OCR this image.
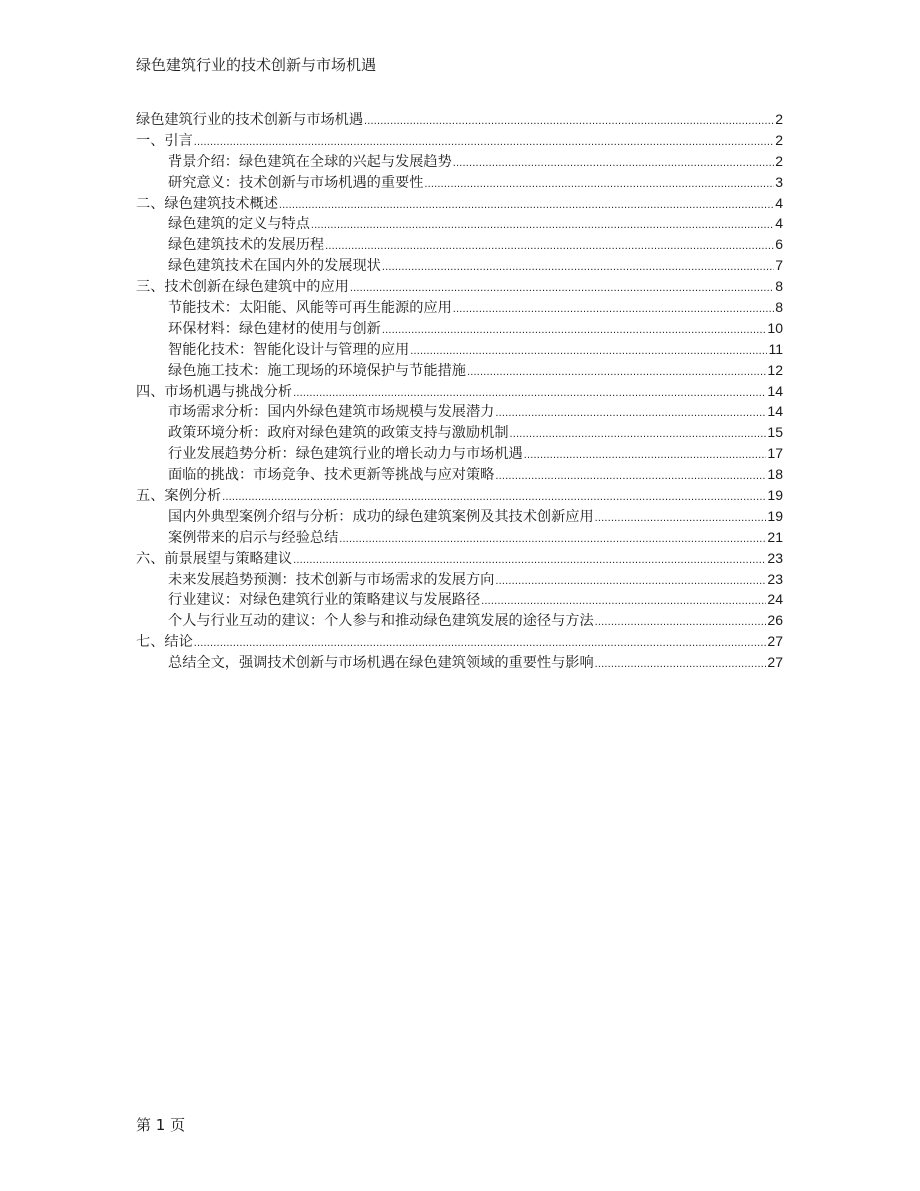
绿色建筑行业的技术创新与市场机遇
绿色建筑行业的技术创新与市场机遇 .....	2
一、引言 .....	2
背景介绍：绿色建筑在全球的兴起与发展趋势 .....	2
研究意义：技术创新与市场机遇的重要性 .....	3
二、绿色建筑技术概述 .....	4
绿色建筑的定义与特点 .....	4
绿色建筑技术的发展历程 .....	6
绿色建筑技术在国内外的发展现状 .....	7
三、技术创新在绿色建筑中的应用 .....	8
节能技术：太阳能、风能等可再生能源的应用 .....	8
环保材料：绿色建材的使用与创新 .....	10
智能化技术：智能化设计与管理的应用 .....	11
绿色施工技术：施工现场的环境保护与节能措施 .....	12
四、市场机遇与挑战分析 .....	14
市场需求分析：国内外绿色建筑市场规模与发展潜力 .....	14
政策环境分析：政府对绿色建筑的政策支持与激励机制 .....	15
行业发展趋势分析：绿色建筑行业的增长动力与市场机遇 .....	17
面临的挑战：市场竞争、技术更新等挑战与应对策略 .....	18
五、案例分析 .....	19
国内外典型案例介绍与分析：成功的绿色建筑案例及其技术创新应用 .....	19
案例带来的启示与经验总结 .....	21
六、前景展望与策略建议 .....	23
未来发展趋势预测：技术创新与市场需求的发展方向 .....	23
行业建议：对绿色建筑行业的策略建议与发展路径 .....	24
个人与行业互动的建议：个人参与和推动绿色建筑发展的途径与方法 .....	26
七、结论 .....	27
总结全文，强调技术创新与市场机遇在绿色建筑领域的重要性与影响 .....	27
第 1 页
